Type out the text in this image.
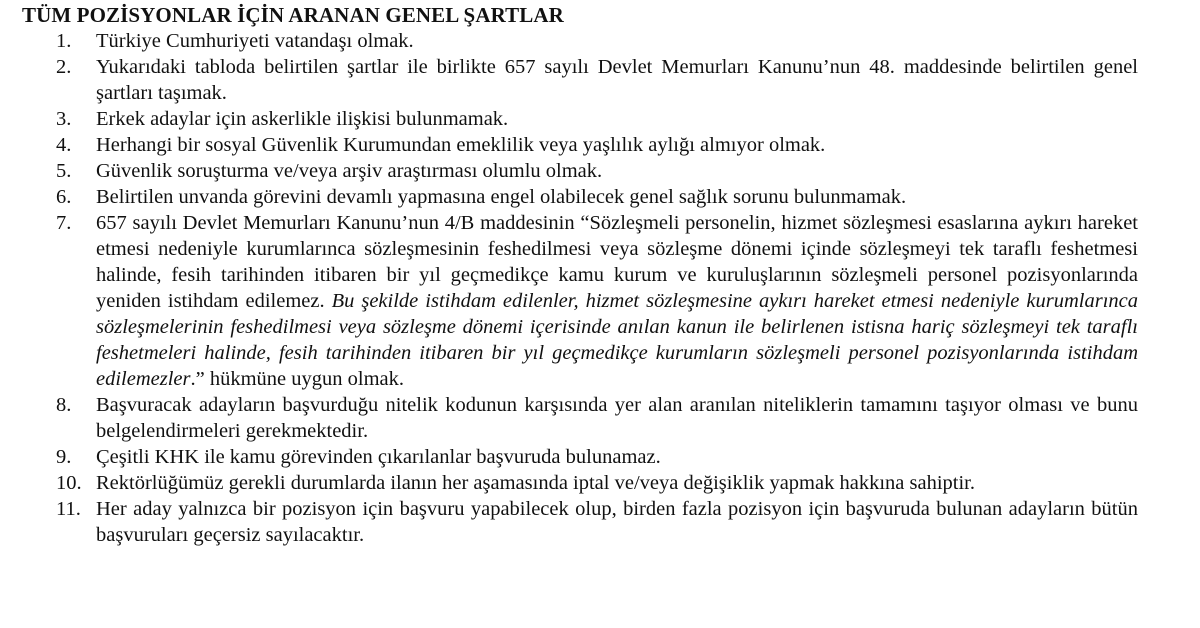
TÜM POZİSYONLAR İÇİN ARANAN GENEL ŞARTLAR
1.	Türkiye Cumhuriyeti vatandaşı olmak.
2.	Yukarıdaki tabloda belirtilen şartlar ile birlikte 657 sayılı Devlet Memurları Kanunu’nun 48. maddesinde belirtilen genel şartları taşımak.
3.	Erkek adaylar için askerlikle ilişkisi bulunmamak.
4.	Herhangi bir sosyal Güvenlik Kurumundan emeklilik veya yaşlılık aylığı almıyor olmak.
5.	Güvenlik soruşturma ve/veya arşiv araştırması olumlu olmak.
6.	Belirtilen unvanda görevini devamlı yapmasına engel olabilecek genel sağlık sorunu bulunmamak.
7.	657 sayılı Devlet Memurları Kanunu’nun 4/B maddesinin “Sözleşmeli personelin, hizmet sözleşmesi esaslarına aykırı hareket etmesi nedeniyle kurumlarınca sözleşmesinin feshedilmesi veya sözleşme dönemi içinde sözleşmeyi tek taraflı feshetmesi halinde, fesih tarihinden itibaren bir yıl geçmedikçe kamu kurum ve kuruluşlarının sözleşmeli personel pozisyonlarında yeniden istihdam edilemez. Bu şekilde istihdam edilenler, hizmet sözleşmesine aykırı hareket etmesi nedeniyle kurumlarınca sözleşmelerinin feshedilmesi veya sözleşme dönemi içerisinde anılan kanun ile belirlenen istisna hariç sözleşmeyi tek taraflı feshetmeleri halinde, fesih tarihinden itibaren bir yıl geçmedikçe kurumların sözleşmeli personel pozisyonlarında istihdam edilemezler.” hükmüne uygun olmak.
8.	Başvuracak adayların başvurduğu nitelik kodunun karşısında yer alan aranılan niteliklerin tamamını taşıyor olması ve bunu belgelendirmeleri gerekmektedir.
9.	Çeşitli KHK ile kamu görevinden çıkarılanlar başvuruda bulunamaz.
10. Rektörlüğümüz gerekli durumlarda ilanın her aşamasında iptal ve/veya değişiklik yapmak hakkına sahiptir.
11. Her aday yalnızca bir pozisyon için başvuru yapabilecek olup, birden fazla pozisyon için başvuruda bulunan adayların bütün başvuruları geçersiz sayılacaktır.
